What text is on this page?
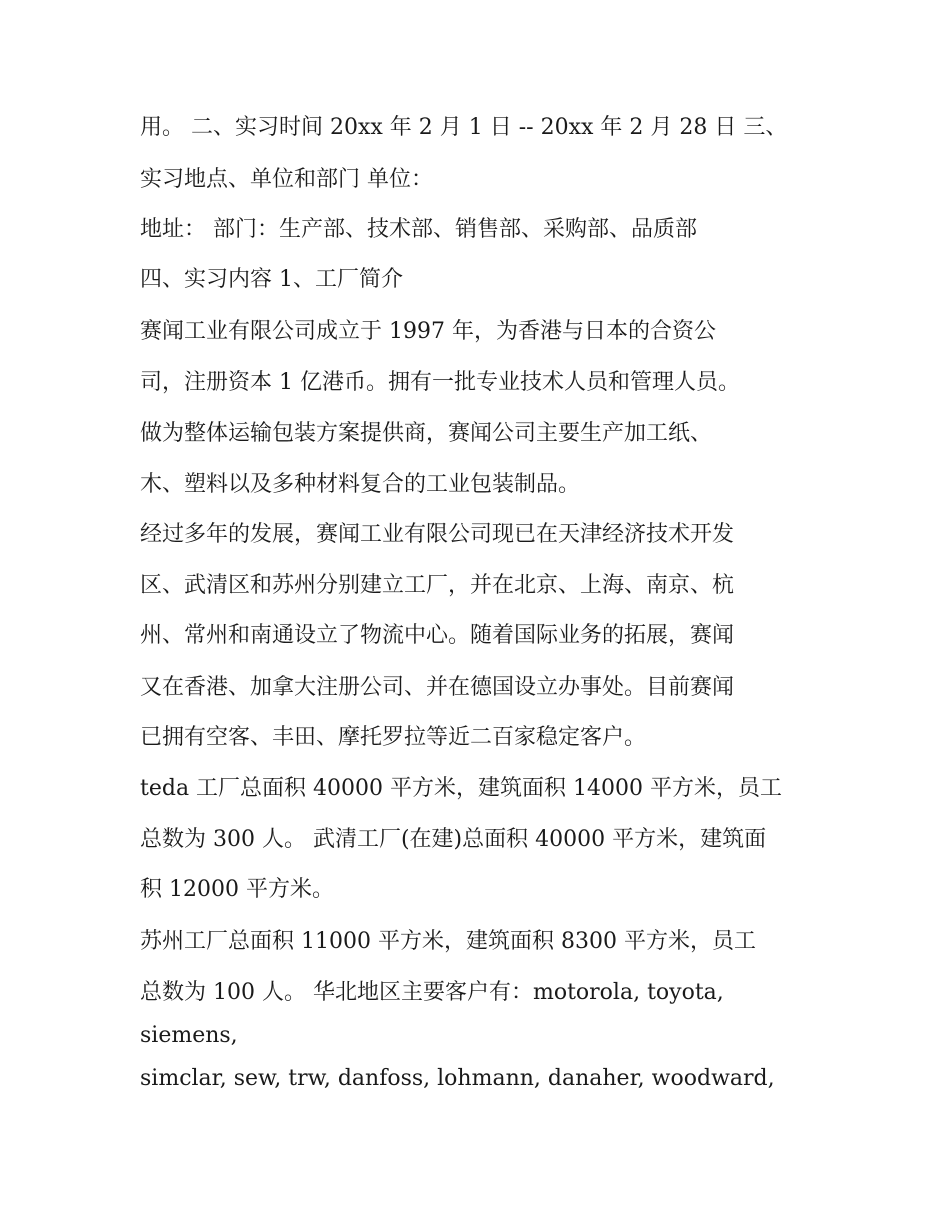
用。 二、实习时间 20xx 年 2 月 1 日 -- 20xx 年 2 月 28 日 三、

实习地点、单位和部门 单位：

地址： 部门：生产部、技术部、销售部、采购部、品质部

四、实习内容 1、工厂简介

赛闻工业有限公司成立于 1997 年，为香港与日本的合资公

司，注册资本 1 亿港币。拥有一批专业技术人员和管理人员。

做为整体运输包装方案提供商，赛闻公司主要生产加工纸、

木、塑料以及多种材料复合的工业包装制品。

经过多年的发展，赛闻工业有限公司现已在天津经济技术开发

区、武清区和苏州分别建立工厂，并在北京、上海、南京、杭

州、常州和南通设立了物流中心。随着国际业务的拓展，赛闻

又在香港、加拿大注册公司、并在德国设立办事处。目前赛闻

已拥有空客、丰田、摩托罗拉等近二百家稳定客户。

teda 工厂总面积 40000 平方米，建筑面积 14000 平方米，员工

总数为 300 人。 武清工厂(在建)总面积 40000 平方米，建筑面

积 12000 平方米。

苏州工厂总面积 11000 平方米，建筑面积 8300 平方米，员工

总数为 100 人。 华北地区主要客户有：motorola, toyota,

siemens,

simclar, sew, trw, danfoss, lohmann, danaher, woodward,
